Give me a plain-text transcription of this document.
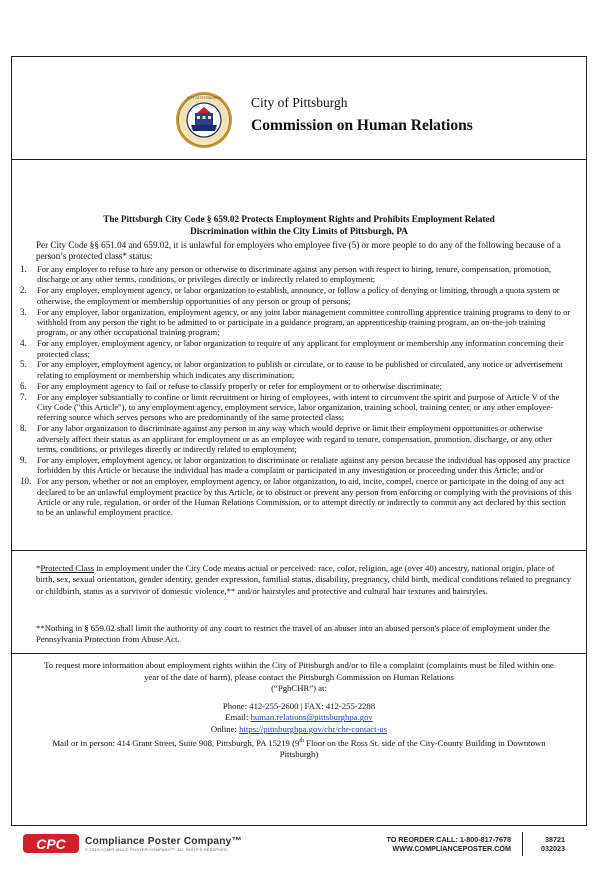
CITY OF PITTSBURGH City of Pittsburgh
Commission on Human Relations
The Pittsburgh City Code § 659.02 Protects Employment Rights and Prohibits Employment Related
Discrimination within the City Limits of Pittsburgh, PA
Per City Code §§ 651.04 and 659.02, it is unlawful for employers who employee five (5) or more people to do any of the following because of a person’s protected class* status:
1. For any employer to refuse to hire any person or otherwise to discriminate against any person with respect to hiring, tenure, compensation, promotion, discharge or any other terms, conditions, or privileges directly or indirectly related to employment;
2. For any employer, employment agency, or labor organization to establish, announce, or follow a policy of denying or limiting, through a quota system or otherwise, the employment or membership opportunities of any person or group of persons;
3. For any employer, labor organization, employment agency, or any joint labor management committee controlling apprentice training programs to deny to or withhold from any person the right to be admitted to or participate in a guidance program, an apprenticeship training program, an on-the-job training program, or any other occupational training program;
4. For any employer, employment agency, or labor organization to require of any applicant for employment or membership any information concerning their protected class;
5. For any employer, employment agency, or labor organization to publish or circulate, or to cause to be published or circulated, any notice or advertisement relating to employment or membership which indicates any discrimination;
6. For any employment agency to fail or refuse to classify properly or refer for employment or to otherwise discriminate;
7. For any employer substantially to confine or limit recruitment or hiring of employees, with intent to circumvent the spirit and purpose of Article V of the City Code ("this Article"), to any employment agency, employment service, labor organization, training school, training center, or any other employee-referring source which serves persons who are predominantly of the same protected class;
8. For any labor organization to discriminate against any person in any way which would deprive or limit their employment opportunities or otherwise adversely affect their status as an applicant for employment or as an employee with regard to tenure, compensation, promotion, discharge, or any other terms, conditions, or privileges directly or indirectly related to employment;
9. For any employer, employment agency, or labor organization to discriminate or retaliate against any person because the individual has opposed any practice forbidden by this Article or because the individual has made a complaint or participated in any investigation or proceeding under this Article; and/or
10. For any person, whether or not an employer, employment agency, or labor organization, to aid, incite, compel, coerce or participate in the doing of any act declared to be an unlawful employment practice by this Article, or to obstruct or prevent any person from enforcing or complying with the provisions of this Article or any rule, regulation, or order of the Human Relations Commission, or to attempt directly or indirectly to commit any act declared by this section to be an unlawful employment practice.
*Protected Class in employment under the City Code means actual or perceived: race, color, religion, age (over 40) ancestry, national origin, place of birth, sex, sexual orientation, gender identity, gender expression, familial status, disability, pregnancy, child birth, medical conditions related to pregnancy or childbirth, status as a survivor of domestic violence,** and/or hairstyles and protective and cultural hair textures and hairstyles.
**Nothing in § 659.02 shall limit the authority of any court to restrict the travel of an abuser into an abused person's place of employment under the Pennsylvania Protection from Abuse Act.
To request more information about employment rights within the City of Pittsburgh and/or to file a complaint (complaints must be filed within one year of the date of harm), please contact the Pittsburgh Commission on Human Relations
(“PghCHR”) at:
Phone: 412-255-2600 | FAX: 412-255-2288
Email: human.relations@pittsburghpa.gov
Online: https://pittsburghpa.gov/chr/chr-contact-us
Mail or in person: 414 Grant Street, Suite 908, Pittsburgh, PA 15219 (9th Floor on the Ross St. side of the City-County Building in Downtown Pittsburgh)
CPC Compliance Poster Company™
© 2019 COMPLIANCE POSTER COMPANY™. ALL RIGHTS RESERVED.
TO REORDER CALL: 1-800-817-7678
WWW.COMPLIANCEPOSTER.COM
38721
032023
